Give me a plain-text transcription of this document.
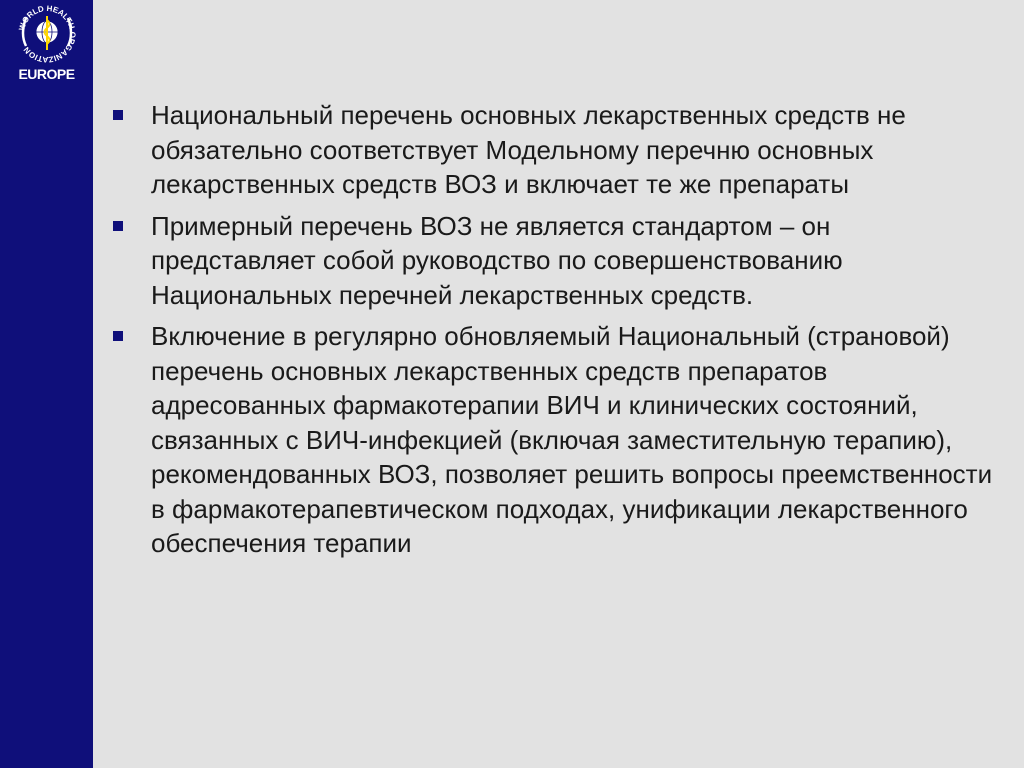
WORLD HEALTH ORGANIZATION
EUROPE

Национальный перечень основных лекарственных средств не обязательно соответствует Модельному перечню основных лекарственных средств ВОЗ и включает те же препараты

Примерный перечень ВОЗ не является стандартом – он представляет собой руководство по совершенствованию Национальных перечней лекарственных средств.

Включение в регулярно обновляемый Национальный (страновой) перечень основных лекарственных средств препаратов адресованных фармакотерапии ВИЧ и клинических состояний, связанных с ВИЧ-инфекцией (включая заместительную терапию), рекомендованных ВОЗ, позволяет решить вопросы преемственности в фармакотерапевтическом подходах, унификации лекарственного обеспечения терапии
